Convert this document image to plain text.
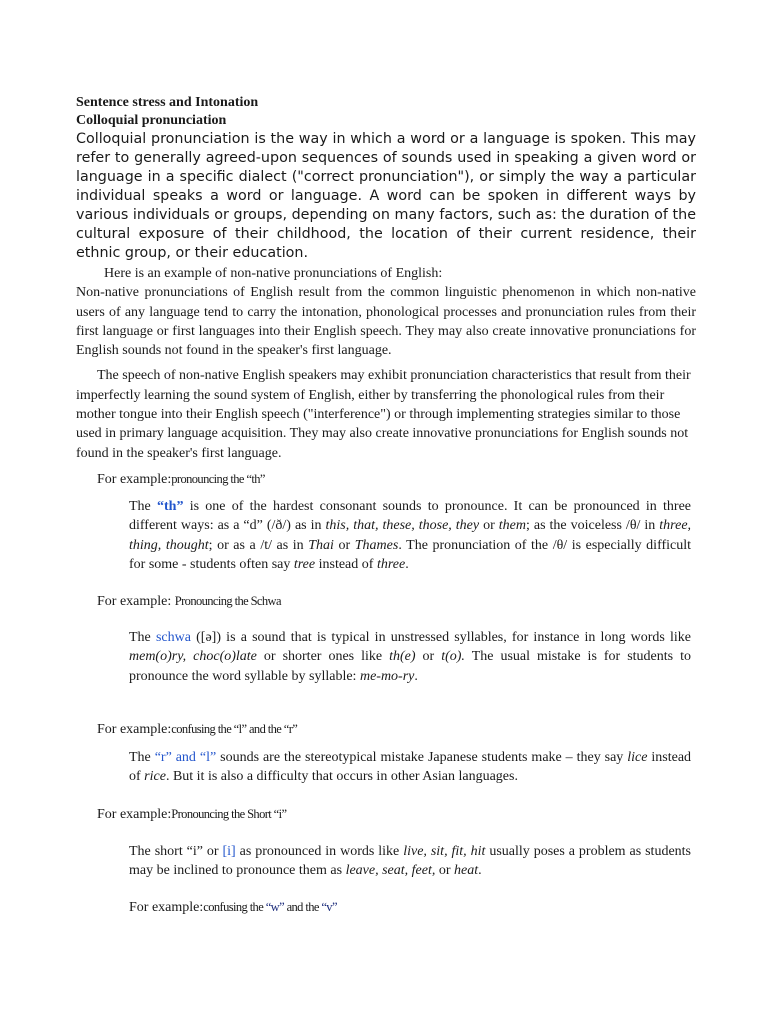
Sentence stress and Intonation
Colloquial pronunciation

Colloquial pronunciation is the way in which a word or a language is spoken. This may refer to generally agreed-upon sequences of sounds used in speaking a given word or language in a specific dialect ("correct pronunciation"), or simply the way a particular individual speaks a word or language. A word can be spoken in different ways by various individuals or groups, depending on many factors, such as: the duration of the cultural exposure of their childhood, the location of their current residence, their ethnic group, or their education.

Here is an example of non-native pronunciations of English:

Non-native pronunciations of English result from the common linguistic phenomenon in which non-native users of any language tend to carry the intonation, phonological processes and pronunciation rules from their first language or first languages into their English speech. They may also create innovative pronunciations for English sounds not found in the speaker's first language.

The speech of non-native English speakers may exhibit pronunciation characteristics that result from their imperfectly learning the sound system of English, either by transferring the phonological rules from their mother tongue into their English speech ("interference") or through implementing strategies similar to those used in primary language acquisition. They may also create innovative pronunciations for English sounds not found in the speaker's first language.

For example:pronouncing the “th”

The “th” is one of the hardest consonant sounds to pronounce. It can be pronounced in three different ways: as a “d” (/ð/) as in this, that, these, those, they or them; as the voiceless /θ/ in three, thing, thought; or as a /t/ as in Thai or Thames. The pronunciation of the /θ/ is especially difficult for some - students often say tree instead of three.

For example: Pronouncing the Schwa

The schwa ([ə]) is a sound that is typical in unstressed syllables, for instance in long words like mem(o)ry, choc(o)late or shorter ones like th(e) or t(o). The usual mistake is for students to pronounce the word syllable by syllable: me-mo-ry.

For example:confusing the “l” and the “r”

The “r” and “l” sounds are the stereotypical mistake Japanese students make – they say lice instead of rice. But it is also a difficulty that occurs in other Asian languages.

For example:Pronouncing the Short “i”

The short “i” or [i] as pronounced in words like live, sit, fit, hit usually poses a problem as students may be inclined to pronounce them as leave, seat, feet, or heat.

For example:confusing the “w” and the “v”
